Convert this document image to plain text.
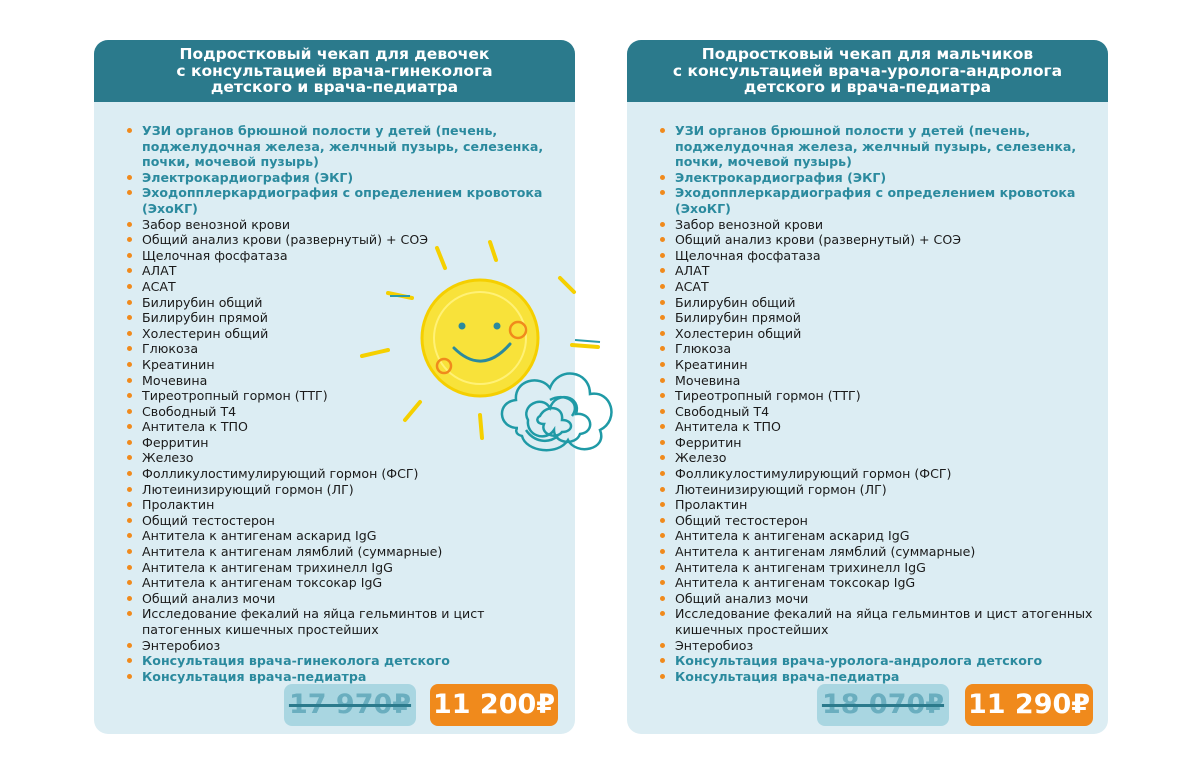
Подростковый чекап для девочек
с консультацией врача-гинеколога
детского и врача-педиатра
УЗИ органов брюшной полости у детей (печень, поджелудочная железа, желчный пузырь, селезенка, почки, мочевой пузырь)
Электрокардиография (ЭКГ)
Эходопплеркардиография с определением кровотока (ЭхоКГ)
Забор венозной крови
Общий анализ крови (развернутый) + СОЭ
Щелочная фосфатаза
АЛАТ
АСАТ
Билирубин общий
Билирубин прямой
Холестерин общий
Глюкоза
Креатинин
Мочевина
Тиреотропный гормон (ТТГ)
Свободный Т4
Антитела к ТПО
Ферритин
Железо
Фолликулостимулирующий гормон (ФСГ)
Лютеинизирующий гормон (ЛГ)
Пролактин
Общий тестостерон
Антитела к антигенам аскарид IgG
Антитела к антигенам лямблий (суммарные)
Антитела к антигенам трихинелл IgG
Антитела к антигенам токсокар IgG
Общий анализ мочи
Исследование фекалий на яйца гельминтов и цист патогенных кишечных простейших
Энтеробиоз
Консультация врача-гинеколога детского
Консультация врача-педиатра
17 970₽ 11 200₽
Подростковый чекап для мальчиков
с консультацией врача-уролога-андролога
детского и врача-педиатра
УЗИ органов брюшной полости у детей (печень, поджелудочная железа, желчный пузырь, селезенка, почки, мочевой пузырь)
Электрокардиография (ЭКГ)
Эходопплеркардиография с определением кровотока (ЭхоКГ)
Забор венозной крови
Общий анализ крови (развернутый) + СОЭ
Щелочная фосфатаза
АЛАТ
АСАТ
Билирубин общий
Билирубин прямой
Холестерин общий
Глюкоза
Креатинин
Мочевина
Тиреотропный гормон (ТТГ)
Свободный Т4
Антитела к ТПО
Ферритин
Железо
Фолликулостимулирующий гормон (ФСГ)
Лютеинизирующий гормон (ЛГ)
Пролактин
Общий тестостерон
Антитела к антигенам аскарид IgG
Антитела к антигенам лямблий (суммарные)
Антитела к антигенам трихинелл IgG
Антитела к антигенам токсокар IgG
Общий анализ мочи
Исследование фекалий на яйца гельминтов и цист атогенных кишечных простейших
Энтеробиоз
Консультация врача-уролога-андролога детского
Консультация врача-педиатра
18 070₽ 11 290₽
